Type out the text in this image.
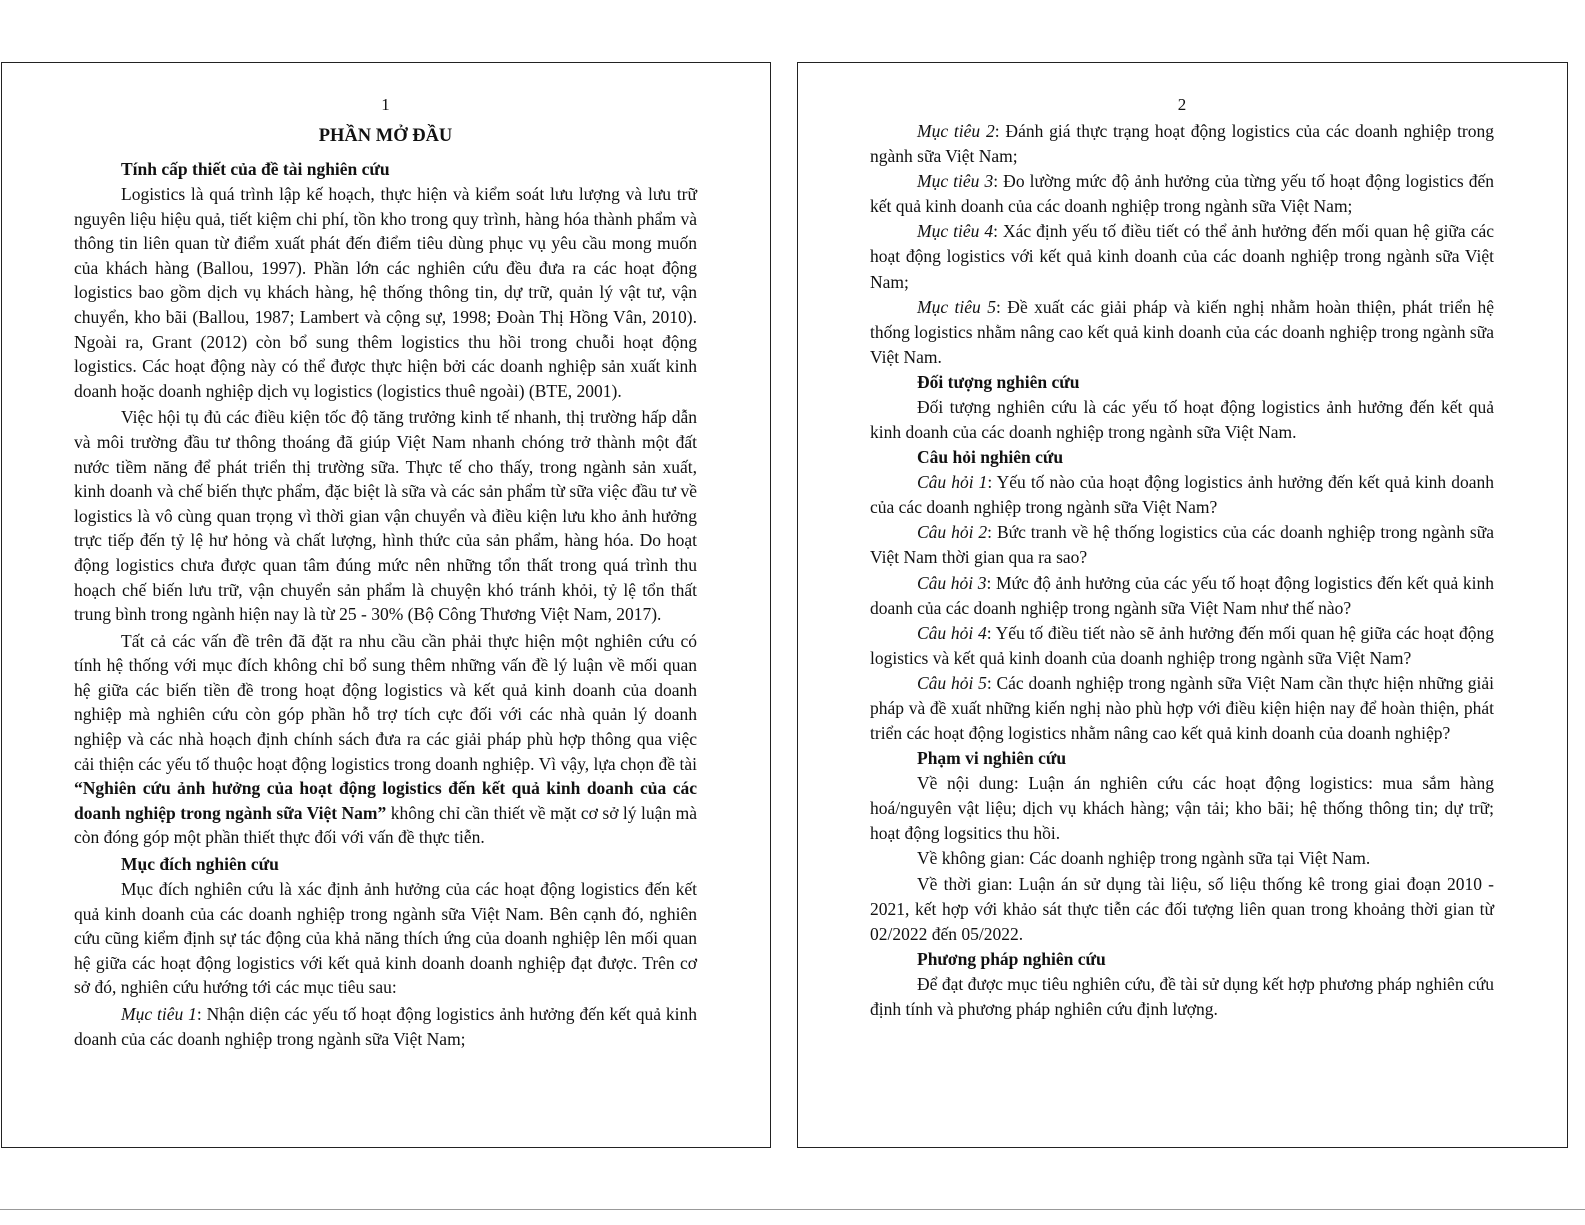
1
PHẦN MỞ ĐẦU
Tính cấp thiết của đề tài nghiên cứu

Logistics là quá trình lập kế hoạch, thực hiện và kiểm soát lưu lượng và lưu trữ nguyên liệu hiệu quả, tiết kiệm chi phí, tồn kho trong quy trình, hàng hóa thành phẩm và thông tin liên quan từ điểm xuất phát đến điểm tiêu dùng phục vụ yêu cầu mong muốn của khách hàng (Ballou, 1997). Phần lớn các nghiên cứu đều đưa ra các hoạt động logistics bao gồm dịch vụ khách hàng, hệ thống thông tin, dự trữ, quản lý vật tư, vận chuyển, kho bãi (Ballou, 1987; Lambert và cộng sự, 1998; Đoàn Thị Hồng Vân, 2010). Ngoài ra, Grant (2012) còn bổ sung thêm logistics thu hồi trong chuỗi hoạt động logistics. Các hoạt động này có thể được thực hiện bởi các doanh nghiệp sản xuất kinh doanh hoặc doanh nghiệp dịch vụ logistics (logistics thuê ngoài) (BTE, 2001).

Việc hội tụ đủ các điều kiện tốc độ tăng trưởng kinh tế nhanh, thị trường hấp dẫn và môi trường đầu tư thông thoáng đã giúp Việt Nam nhanh chóng trở thành một đất nước tiềm năng để phát triển thị trường sữa. Thực tế cho thấy, trong ngành sản xuất, kinh doanh và chế biến thực phẩm, đặc biệt là sữa và các sản phẩm từ sữa việc đầu tư về logistics là vô cùng quan trọng vì thời gian vận chuyển và điều kiện lưu kho ảnh hưởng trực tiếp đến tỷ lệ hư hỏng và chất lượng, hình thức của sản phẩm, hàng hóa. Do hoạt động logistics chưa được quan tâm đúng mức nên những tổn thất trong quá trình thu hoạch chế biến lưu trữ, vận chuyển sản phẩm là chuyện khó tránh khỏi, tỷ lệ tổn thất trung bình trong ngành hiện nay là từ 25 - 30% (Bộ Công Thương Việt Nam, 2017).

Tất cả các vấn đề trên đã đặt ra nhu cầu cần phải thực hiện một nghiên cứu có tính hệ thống với mục đích không chỉ bổ sung thêm những vấn đề lý luận về mối quan hệ giữa các biến tiền đề trong hoạt động logistics và kết quả kinh doanh của doanh nghiệp mà nghiên cứu còn góp phần hỗ trợ tích cực đối với các nhà quản lý doanh nghiệp và các nhà hoạch định chính sách đưa ra các giải pháp phù hợp thông qua việc cải thiện các yếu tố thuộc hoạt động logistics trong doanh nghiệp. Vì vậy, lựa chọn đề tài “Nghiên cứu ảnh hưởng của hoạt động logistics đến kết quả kinh doanh của các doanh nghiệp trong ngành sữa Việt Nam” không chỉ cần thiết về mặt cơ sở lý luận mà còn đóng góp một phần thiết thực đối với vấn đề thực tiễn.

Mục đích nghiên cứu

Mục đích nghiên cứu là xác định ảnh hưởng của các hoạt động logistics đến kết quả kinh doanh của các doanh nghiệp trong ngành sữa Việt Nam. Bên cạnh đó, nghiên cứu cũng kiểm định sự tác động của khả năng thích ứng của doanh nghiệp lên mối quan hệ giữa các hoạt động logistics với kết quả kinh doanh doanh nghiệp đạt được. Trên cơ sở đó, nghiên cứu hướng tới các mục tiêu sau:

Mục tiêu 1: Nhận diện các yếu tố hoạt động logistics ảnh hưởng đến kết quả kinh doanh của các doanh nghiệp trong ngành sữa Việt Nam;

2

Mục tiêu 2: Đánh giá thực trạng hoạt động logistics của các doanh nghiệp trong ngành sữa Việt Nam;

Mục tiêu 3: Đo lường mức độ ảnh hưởng của từng yếu tố hoạt động logistics đến kết quả kinh doanh của các doanh nghiệp trong ngành sữa Việt Nam;

Mục tiêu 4: Xác định yếu tố điều tiết có thể ảnh hưởng đến mối quan hệ giữa các hoạt động logistics với kết quả kinh doanh của các doanh nghiệp trong ngành sữa Việt Nam;

Mục tiêu 5: Đề xuất các giải pháp và kiến nghị nhằm hoàn thiện, phát triển hệ thống logistics nhằm nâng cao kết quả kinh doanh của các doanh nghiệp trong ngành sữa Việt Nam.

Đối tượng nghiên cứu

Đối tượng nghiên cứu là các yếu tố hoạt động logistics ảnh hưởng đến kết quả kinh doanh của các doanh nghiệp trong ngành sữa Việt Nam.

Câu hỏi nghiên cứu

Câu hỏi 1: Yếu tố nào của hoạt động logistics ảnh hưởng đến kết quả kinh doanh của các doanh nghiệp trong ngành sữa Việt Nam?

Câu hỏi 2: Bức tranh về hệ thống logistics của các doanh nghiệp trong ngành sữa Việt Nam thời gian qua ra sao?

Câu hỏi 3: Mức độ ảnh hưởng của các yếu tố hoạt động logistics đến kết quả kinh doanh của các doanh nghiệp trong ngành sữa Việt Nam như thế nào?

Câu hỏi 4: Yếu tố điều tiết nào sẽ ảnh hưởng đến mối quan hệ giữa các hoạt động logistics và kết quả kinh doanh của doanh nghiệp trong ngành sữa Việt Nam?

Câu hỏi 5: Các doanh nghiệp trong ngành sữa Việt Nam cần thực hiện những giải pháp và đề xuất những kiến nghị nào phù hợp với điều kiện hiện nay để hoàn thiện, phát triển các hoạt động logistics nhằm nâng cao kết quả kinh doanh của doanh nghiệp?

Phạm vi nghiên cứu

Về nội dung: Luận án nghiên cứu các hoạt động logistics: mua sắm hàng hoá/nguyên vật liệu; dịch vụ khách hàng; vận tải; kho bãi; hệ thống thông tin; dự trữ; hoạt động logsitics thu hồi.

Về không gian: Các doanh nghiệp trong ngành sữa tại Việt Nam.

Về thời gian: Luận án sử dụng tài liệu, số liệu thống kê trong giai đoạn 2010 - 2021, kết hợp với khảo sát thực tiễn các đối tượng liên quan trong khoảng thời gian từ 02/2022 đến 05/2022.

Phương pháp nghiên cứu

Để đạt được mục tiêu nghiên cứu, đề tài sử dụng kết hợp phương pháp nghiên cứu định tính và phương pháp nghiên cứu định lượng.
